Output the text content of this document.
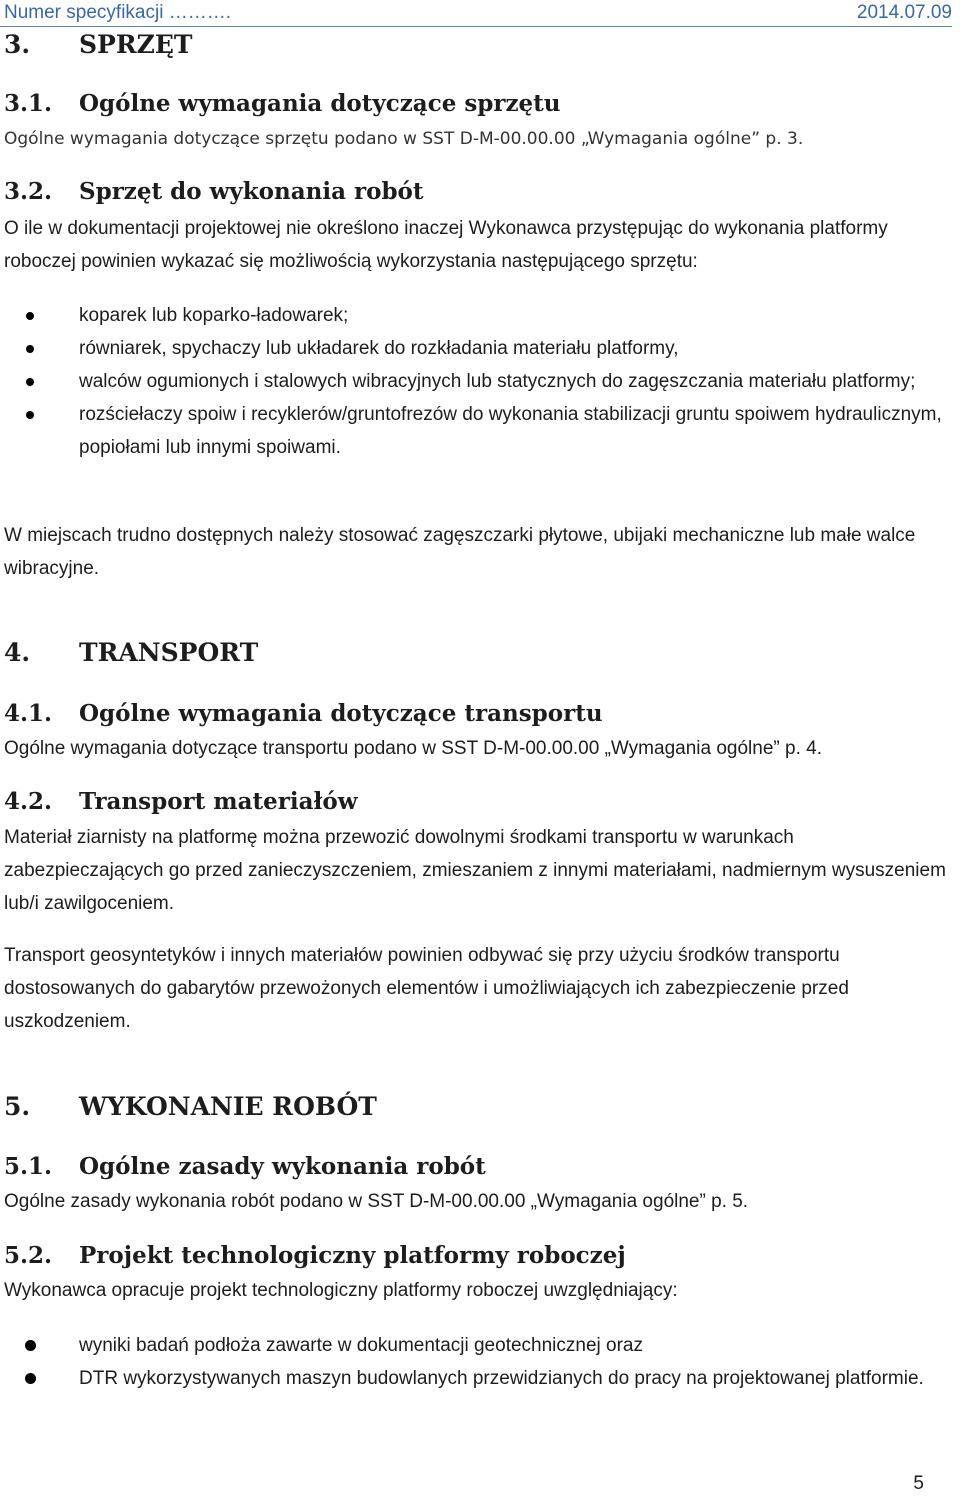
Numer specyfikacji ……….	2014.07.09
3. SPRZĘT
3.1. Ogólne wymagania dotyczące sprzętu
Ogólne wymagania dotyczące sprzętu podano w SST D-M-00.00.00 „Wymagania ogólne” p. 3.
3.2. Sprzęt do wykonania robót
O ile w dokumentacji projektowej nie określono inaczej Wykonawca przystępując do wykonania platformy roboczej powinien wykazać się możliwością wykorzystania następującego sprzętu:
koparek lub koparko-ładowarek;
równiarek, spychaczy lub układarek do rozkładania materiału platformy,
walców ogumionych i stalowych wibracyjnych lub statycznych do zagęszczania materiału platformy;
rozściełaczy spoiw i recyklerów/gruntofrezów do wykonania stabilizacji gruntu spoiwem hydraulicznym, popiołami lub innymi spoiwami.
W miejscach trudno dostępnych należy stosować zagęszczarki płytowe, ubijaki mechaniczne lub małe walce wibracyjne.
4. TRANSPORT
4.1. Ogólne wymagania dotyczące transportu
Ogólne wymagania dotyczące transportu podano w SST D-M-00.00.00 „Wymagania ogólne” p. 4.
4.2. Transport materiałów
Materiał ziarnisty na platformę można przewozić dowolnymi środkami transportu w warunkach zabezpieczających go przed zanieczyszczeniem, zmieszaniem z innymi materiałami, nadmiernym wysuszeniem lub/i zawilgoceniem.
Transport geosyntetyków i innych materiałów powinien odbywać się przy użyciu środków transportu dostosowanych do gabarytów przewożonych elementów i umożliwiających ich zabezpieczenie przed uszkodzeniem.
5. WYKONANIE ROBÓT
5.1. Ogólne zasady wykonania robót
Ogólne zasady wykonania robót podano w SST D-M-00.00.00 „Wymagania ogólne” p. 5.
5.2. Projekt technologiczny platformy roboczej
Wykonawca opracuje projekt technologiczny platformy roboczej uwzględniający:
wyniki badań podłoża zawarte w dokumentacji geotechnicznej oraz
DTR wykorzystywanych maszyn budowlanych przewidzianych do pracy na projektowanej platformie.
5
